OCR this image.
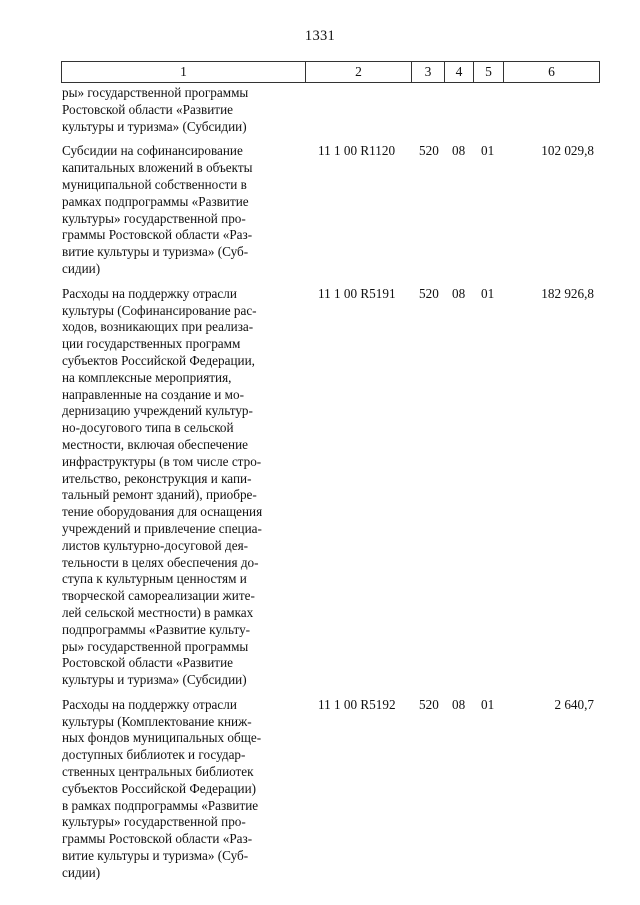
1331
1	2	3	4	5	6

ры» государственной программы
Ростовской области «Развитие
культуры и туризма» (Субсидии)

Субсидии на софинансирование
капитальных вложений в объекты
муниципальной собственности в
рамках подпрограммы «Развитие
культуры» государственной про-
граммы Ростовской области «Раз-
витие культуры и туризма» (Суб-
сидии)

11 1 00 R1120 520 08 01	102 029,8

Расходы на поддержку отрасли
культуры (Софинансирование рас-
ходов, возникающих при реализа-
ции государственных программ
субъектов Российской Федерации,
на комплексные мероприятия,
направленные на создание и мо-
дернизацию учреждений культур-
но-досугового типа в сельской
местности, включая обеспечение
инфраструктуры (в том числе стро-
ительство, реконструкция и капи-
тальный ремонт зданий), приобре-
тение оборудования для оснащения
учреждений и привлечение специа-
листов культурно-досуговой дея-
тельности в целях обеспечения до-
ступа к культурным ценностям и
творческой самореализации жите-
лей сельской местности) в рамках
подпрограммы «Развитие культу-
ры» государственной программы
Ростовской области «Развитие
культуры и туризма» (Субсидии)

11 1 00 R5191 520 08 01	182 926,8

Расходы на поддержку отрасли
культуры (Комплектование книж-
ных фондов муниципальных обще-
доступных библиотек и государ-
ственных центральных библиотек
субъектов Российской Федерации)
в рамках подпрограммы «Развитие
культуры» государственной про-
граммы Ростовской области «Раз-
витие культуры и туризма» (Суб-
сидии)

11 1 00 R5192 520 08 01	2 640,7
